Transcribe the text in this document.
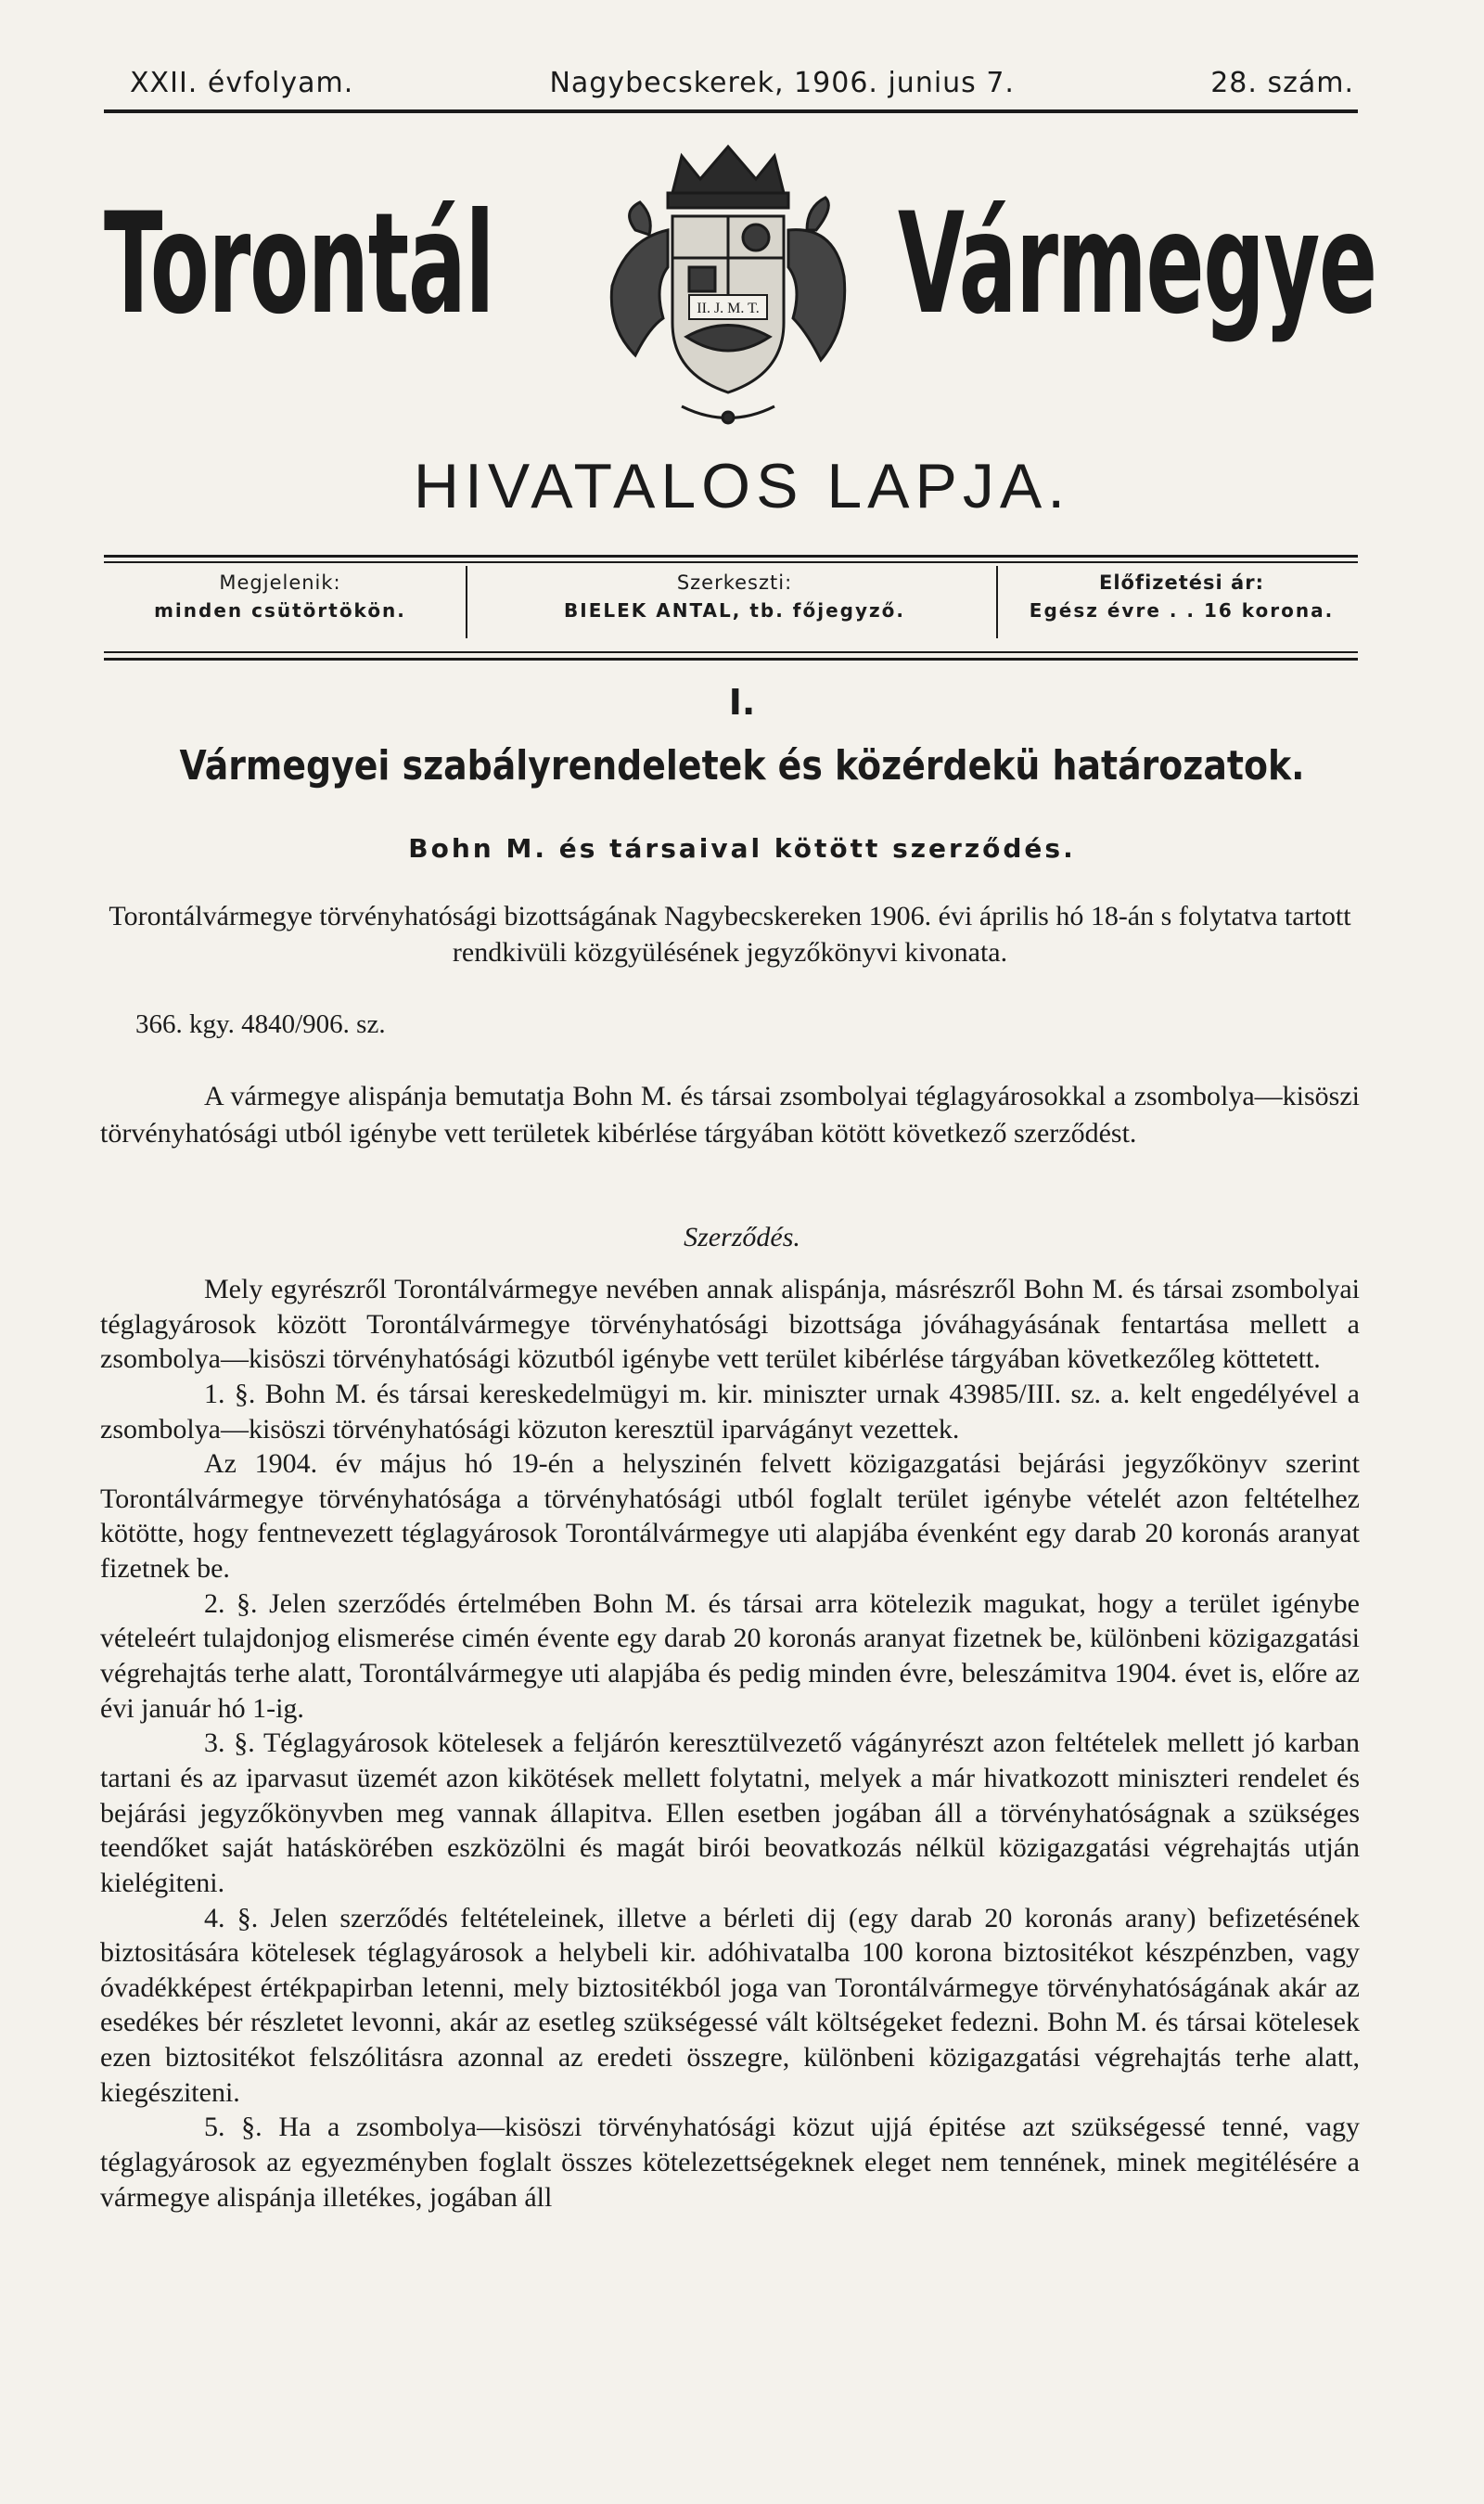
XXII. évfolyam.	Nagybecskerek, 1906. junius 7.	28. szám.
Torontál	II. J. M. T. Vármegye
HIVATALOS LAPJA.
Megjelenik:
minden csütörtökön.
Szerkeszti:
BIELEK ANTAL, tb. főjegyző.
Előfizetési ár:
Egész évre . . 16 korona.
I.
Vármegyei szabályrendeletek és közérdekü határozatok.
Bohn M. és társaival kötött szerződés.
Torontálvármegye törvényhatósági bizottságának Nagybecskereken 1906. évi április hó 18-án s folytatva tartott rendkivüli közgyülésének jegyzőkönyvi kivonata.
366. kgy. 4840/906. sz.
A vármegye alispánja bemutatja Bohn M. és társai zsombolyai téglagyárosokkal a zsombolya—kisöszi törvényhatósági utból igénybe vett területek kibérlése tárgyában kötött következő szerződést.
Szerződés.

Mely egyrészről Torontálvármegye nevében annak alispánja, másrészről Bohn M. és társai zsombolyai téglagyárosok között Torontálvármegye törvényhatósági bizottsága jóváhagyásának fentartása mellett a zsombolya—kisöszi törvényhatósági közutból igénybe vett terület kibérlése tárgyában következőleg köttetett.

1. §. Bohn M. és társai kereskedelmügyi m. kir. miniszter urnak 43985/III. sz. a. kelt engedélyével a zsombolya—kisöszi törvényhatósági közuton keresztül iparvágányt vezettek.

Az 1904. év május hó 19-én a helyszinén felvett közigazgatási bejárási jegyzőkönyv szerint Torontálvármegye törvényhatósága a törvényhatósági utból foglalt terület igénybe vételét azon feltételhez kötötte, hogy fentnevezett téglagyárosok Torontálvármegye uti alapjába évenként egy darab 20 koronás aranyat fizetnek be.

2. §. Jelen szerződés értelmében Bohn M. és társai arra kötelezik magukat, hogy a terület igénybe vételeért tulajdonjog elismerése cimén évente egy darab 20 koronás aranyat fizetnek be, különbeni közigazgatási végrehajtás terhe alatt, Torontálvármegye uti alapjába és pedig minden évre, beleszámitva 1904. évet is, előre az évi január hó 1-ig.

3. §. Téglagyárosok kötelesek a feljárón keresztülvezető vágányrészt azon feltételek mellett jó karban tartani és az iparvasut üzemét azon kikötések mellett folytatni, melyek a már hivatkozott miniszteri rendelet és bejárási jegyzőkönyvben meg vannak állapitva. Ellen esetben jogában áll a törvényhatóságnak a szükséges teendőket saját hatáskörében eszközölni és magát birói beovatkozás nélkül közigazgatási végrehajtás utján kielégiteni.

4. §. Jelen szerződés feltételeinek, illetve a bérleti dij (egy darab 20 koronás arany) befizetésének biztositására kötelesek téglagyárosok a helybeli kir. adóhivatalba 100 korona biztositékot készpénzben, vagy óvadékképest értékpapirban letenni, mely biztositékból joga van Torontálvármegye törvényhatóságának akár az esedékes bér részletet levonni, akár az esetleg szükségessé vált költségeket fedezni. Bohn M. és társai kötelesek ezen biztositékot felszólitásra azonnal az eredeti összegre, különbeni közigazgatási végrehajtás terhe alatt, kiegésziteni.

5. §. Ha a zsombolya—kisöszi törvényhatósági közut ujjá épitése azt szükségessé tenné, vagy téglagyárosok az egyezményben foglalt összes kötelezettségeknek eleget nem tennének, minek megitélésére a vármegye alispánja illetékes, jogában áll
